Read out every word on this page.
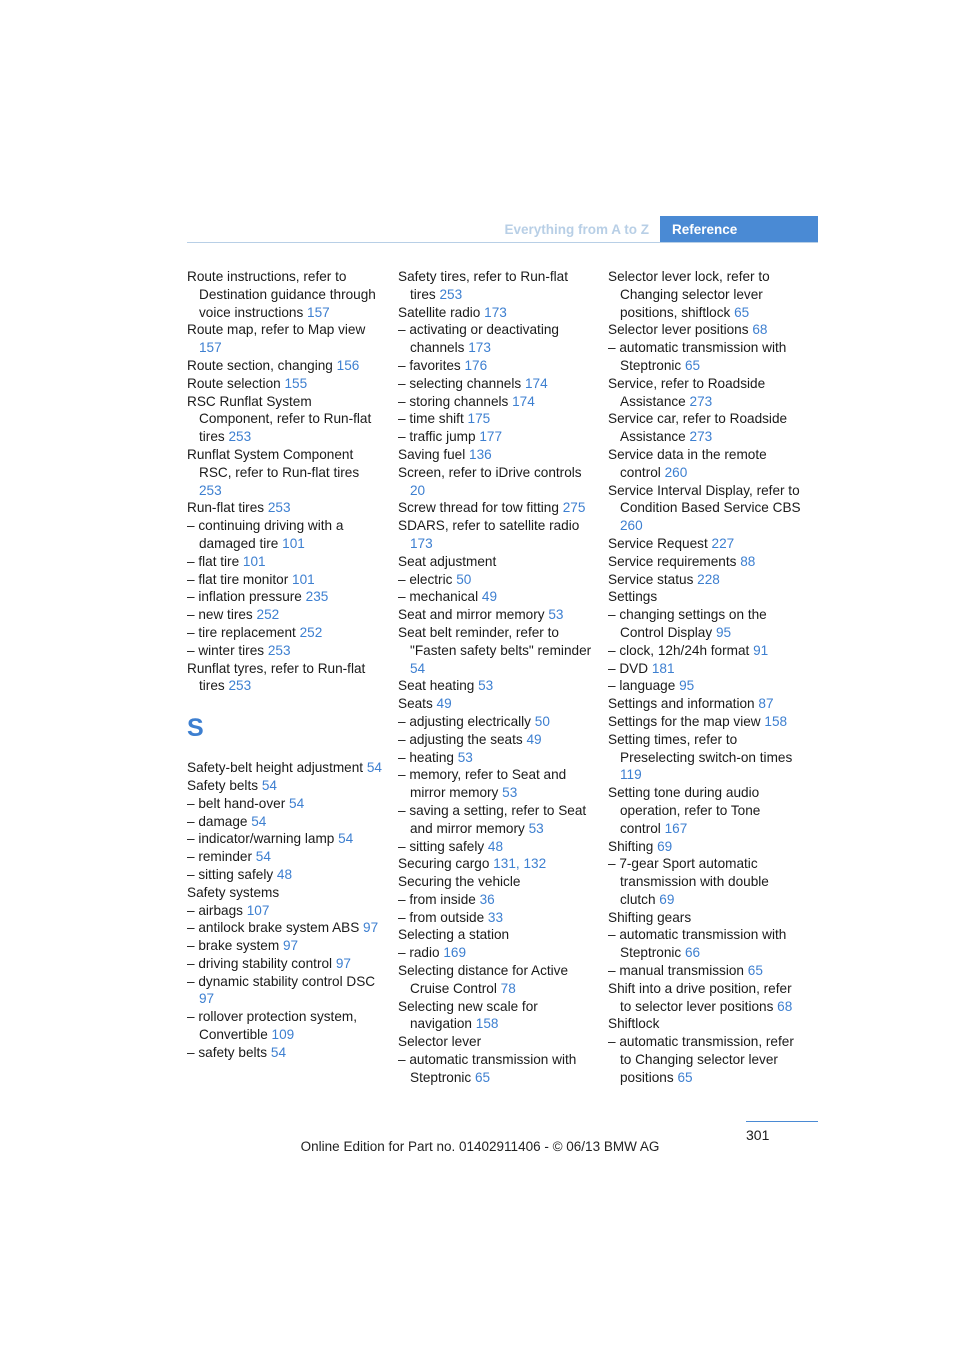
Everything from A to Z	Reference
Route instructions, refer to Destination guidance through voice instructions 157
Route map, refer to Map view 157
Route section, changing 156
Route selection 155
RSC Runflat System Component, refer to Run-flat tires 253
Runflat System Component RSC, refer to Run-flat tires 253
Run-flat tires 253
– continuing driving with a damaged tire 101
– flat tire 101
– flat tire monitor 101
– inflation pressure 235
– new tires 252
– tire replacement 252
– winter tires 253
Runflat tyres, refer to Run-flat tires 253
S
Safety-belt height adjustment 54
Safety belts 54
– belt hand-over 54
– damage 54
– indicator/warning lamp 54
– reminder 54
– sitting safely 48
Safety systems
– airbags 107
– antilock brake system ABS 97
– brake system 97
– driving stability control 97
– dynamic stability control DSC 97
– rollover protection system, Convertible 109
– safety belts 54
Safety tires, refer to Run-flat tires 253
Satellite radio 173
– activating or deactivating channels 173
– favorites 176
– selecting channels 174
– storing channels 174
– time shift 175
– traffic jump 177
Saving fuel 136
Screen, refer to iDrive controls 20
Screw thread for tow fitting 275
SDARS, refer to satellite radio 173
Seat adjustment
– electric 50
– mechanical 49
Seat and mirror memory 53
Seat belt reminder, refer to "Fasten safety belts" reminder 54
Seat heating 53
Seats 49
– adjusting electrically 50
– adjusting the seats 49
– heating 53
– memory, refer to Seat and mirror memory 53
– saving a setting, refer to Seat and mirror memory 53
– sitting safely 48
Securing cargo 131, 132
Securing the vehicle
– from inside 36
– from outside 33
Selecting a station
– radio 169
Selecting distance for Active Cruise Control 78
Selecting new scale for navigation 158
Selector lever
– automatic transmission with Steptronic 65
Selector lever lock, refer to Changing selector lever positions, shiftlock 65
Selector lever positions 68
– automatic transmission with Steptronic 65
Service, refer to Roadside Assistance 273
Service car, refer to Roadside Assistance 273
Service data in the remote control 260
Service Interval Display, refer to Condition Based Service CBS 260
Service Request 227
Service requirements 88
Service status 228
Settings
– changing settings on the Control Display 95
– clock, 12h/24h format 91
– DVD 181
– language 95
Settings and information 87
Settings for the map view 158
Setting times, refer to Preselecting switch-on times 119
Setting tone during audio operation, refer to Tone control 167
Shifting 69
– 7-gear Sport automatic transmission with double clutch 69
Shifting gears
– automatic transmission with Steptronic 66
– manual transmission 65
Shift into a drive position, refer to selector lever positions 68
Shiftlock
– automatic transmission, refer to Changing selector lever positions 65
301
Online Edition for Part no. 01402911406 - © 06/13 BMW AG
